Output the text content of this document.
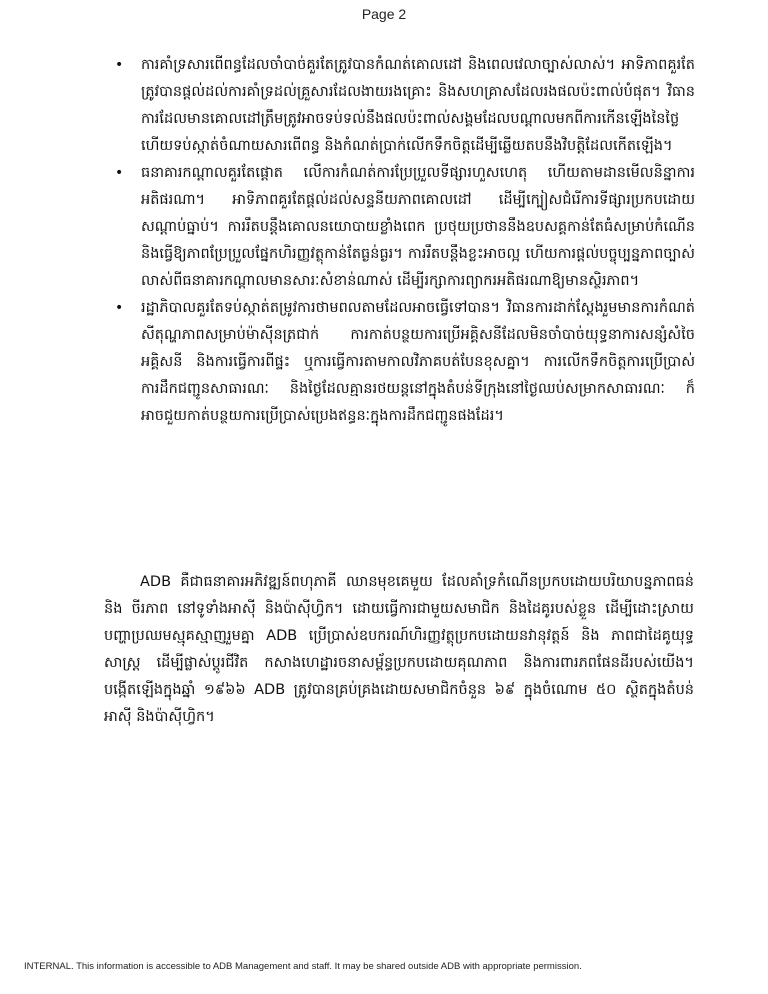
Page 2
• ការគាំទ្រសារពើពន្ធដែលចាំបាច់គួរតែត្រូវបានកំណត់គោលដៅ និងពេលវេលាច្បាស់លាស់។ អាទិភាពគួរតែត្រូវបានផ្ដល់ដល់ការគាំទ្រដល់គ្រួសារដែលងាយរងគ្រោះ និងសហគ្រាសដែលរងផលប៉ះពាល់បំផុត។ វិធានការដែលមានគោលដៅត្រឹមត្រូវអាចទប់ទល់នឹងផលប៉ះពាល់សង្គមដែលបណ្ដាលមកពីការកើនឡើងនៃថ្លៃ ហើយទប់ស្កាត់ចំណាយសារពើពន្ធ និងកំណត់ប្រាក់លើកទឹកចិត្តដើម្បីឆ្លើយតបនឹងវិបត្តិដែលកើតឡើង។
• ធនាគារកណ្ដាលគួរតែផ្ដោត លើការកំណត់ការប្រែប្រួលទីផ្សារហួសហេតុ ហើយតាមដានមើលនិន្នាការអតិផរណា។ អាទិភាពគួរតែផ្ដល់ដល់សន្ទនីយភាពគោលដៅ ដើម្បីក្បៀសជំរើការទីផ្សារប្រកបដោយសណ្ដាប់ធ្នាប់។ ការរឹតបន្តឹងគោលនយោបាយខ្លាំងពេក ប្រថុយប្រថាននឹងឧបសគ្គកាន់តែធំសម្រាប់កំណើន និងធ្វើឱ្យភាពប្រែប្រួលផ្នែកហិរញ្ញវត្ថុកាន់តែធ្ងន់ធ្ងរ។ ការរឹតបន្តឹងខ្លះអាចល្អ ហើយការផ្ដល់បច្ចុប្បន្នភាពច្បាស់លាស់ពីធនាគារកណ្ដាលមានសារៈសំខាន់ណាស់ ដើម្បីរក្សាការព្យាករអតិផរណាឱ្យមានស្ថិរភាព។
• រដ្ឋាភិបាលគួរតែទប់ស្កាត់តម្រូវការថាមពលតាមដែលអាចធ្វើទៅបាន។ វិធានការដាក់ស្តែងរួមមានការកំណត់សីតុណ្ហភាពសម្រាប់ម៉ាស៊ីនត្រជាក់ ការកាត់បន្ថយការប្រើអគ្គិសនីដែលមិនចាំបាច់យុទ្ធនាការសន្សំសំចៃអគ្គិសនី និងការធ្វើការពីផ្ទះ ឬការធ្វើការតាមកាលវិភាគបត់បែនខុសគ្នា។ ការលើកទឹកចិត្តការប្រើប្រាស់ការដឹកជញ្ជូនសាធារណៈ និងថ្ងៃដែលគ្មានរថយន្តនៅក្នុងតំបន់ទីក្រុងនៅថ្ងៃឈប់សម្រាកសាធារណៈ ក៏អាចជួយកាត់បន្ថយការប្រើប្រាស់ប្រេងឥន្ធនៈក្នុងការដឹកជញ្ជូនផងដែរ។

ADB គឺជាធនាគារអភិវឌ្ឍន៍ពហុភាគី ឈានមុខគេមួយ ដែលគាំទ្រកំណើនប្រកបដោយបរិយាបន្នភាពធន់ និង ចីរភាព នៅទូទាំងអាស៊ី និងប៉ាស៊ីហ្វិក។ ដោយធ្វើការជាមួយសមាជិក និងដៃគូរបស់ខ្លួន ដើម្បីដោះស្រាយបញ្ហាប្រឈមស្មុគស្មាញរួមគ្នា ADB ប្រើប្រាស់ឧបករណ៍ហិរញ្ញវត្ថុប្រកបដោយនវានុវត្តន៍ និង ភាពជាដៃគូយុទ្ធសាស្ត្រ ដើម្បីផ្លាស់ប្ដូរជីវិត កសាងហេដ្ឋារចនាសម្ព័ន្ធប្រកបដោយគុណភាព និងការពារភពផែនដីរបស់យើង។ បង្កើតឡើងក្នុងឆ្នាំ ១៩៦៦ ADB ត្រូវបានគ្រប់គ្រងដោយសមាជិកចំនួន ៦៩ ក្នុងចំណោម ៥០ ស្ថិតក្នុងតំបន់អាស៊ី និងប៉ាស៊ីហ្វិក។

INTERNAL. This information is accessible to ADB Management and staff. It may be shared outside ADB with appropriate permission.
